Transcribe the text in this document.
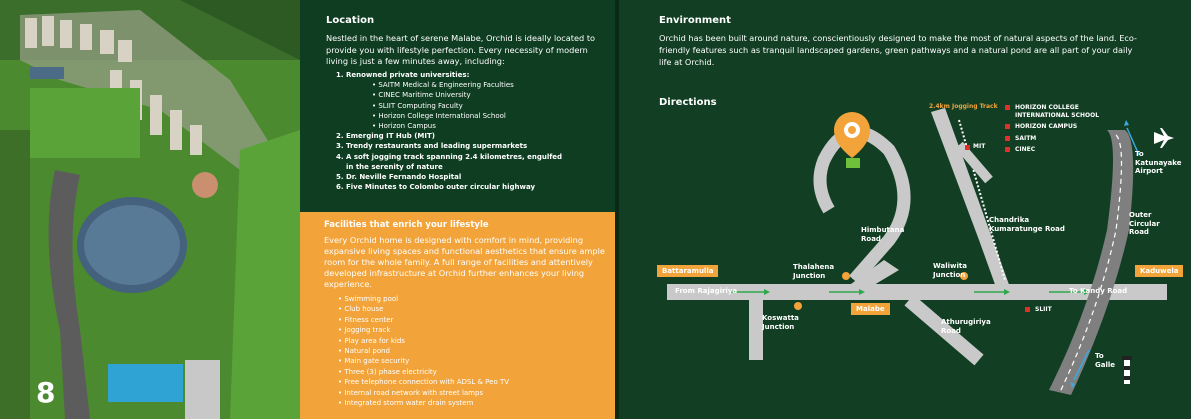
8
Location
Nestled in the heart of serene Malabe, Orchid is ideally located to provide you with lifestyle perfection. Every necessity of modern living is just a few minutes away, including:
1. Renowned private universities:
• SAITM Medical & Engineering Faculties
• CINEC Maritime University
• SLIIT Computing Faculty
• Horizon College International School
• Horizon Campus
2. Emerging IT Hub (MIT)
3. Trendy restaurants and leading supermarkets
4. A soft jogging track spanning 2.4 kilometres, engulfed
in the serenity of nature
5. Dr. Neville Fernando Hospital
6. Five Minutes to Colombo outer circular highway
Facilities that enrich your lifestyle
Every Orchid home is designed with comfort in mind, providing expansive living spaces and functional aesthetics that ensure ample room for the whole family. A full range of facilities and attentively developed infrastructure at Orchid further enhances your living experience.
• Swimming pool
• Club house
• Fitness center
• Jogging track
• Play area for kids
• Natural pond
• Main gate security
• Three (3) phase electricity
• Free telephone connection with ADSL & Peo TV
• Internal road network with street lamps
• Integrated storm water drain system
Environment
Orchid has been built around nature, conscientiously designed to make the most of natural aspects of the land. Eco-friendly features such as tranquil landscaped gardens, green pathways and a natural pond are all part of your daily life at Orchid.
Directions	2.4km Jogging Track
MIT
HORIZON COLLEGE INTERNATIONAL SCHOOL
HORIZON CAMPUS
SAITM
CINEC
Himbutana Road
Chandrika Kumaratunge Road
Outer Circular Road
To Katunayake Airport
Battaramulla	Kaduwela
Malabe
Thalahena Junction
Waliwita Junction
From Rajagiriya	To Kandy Road
Koswatta Junction
Athurugiriya Road
SLIIT
To Galle
